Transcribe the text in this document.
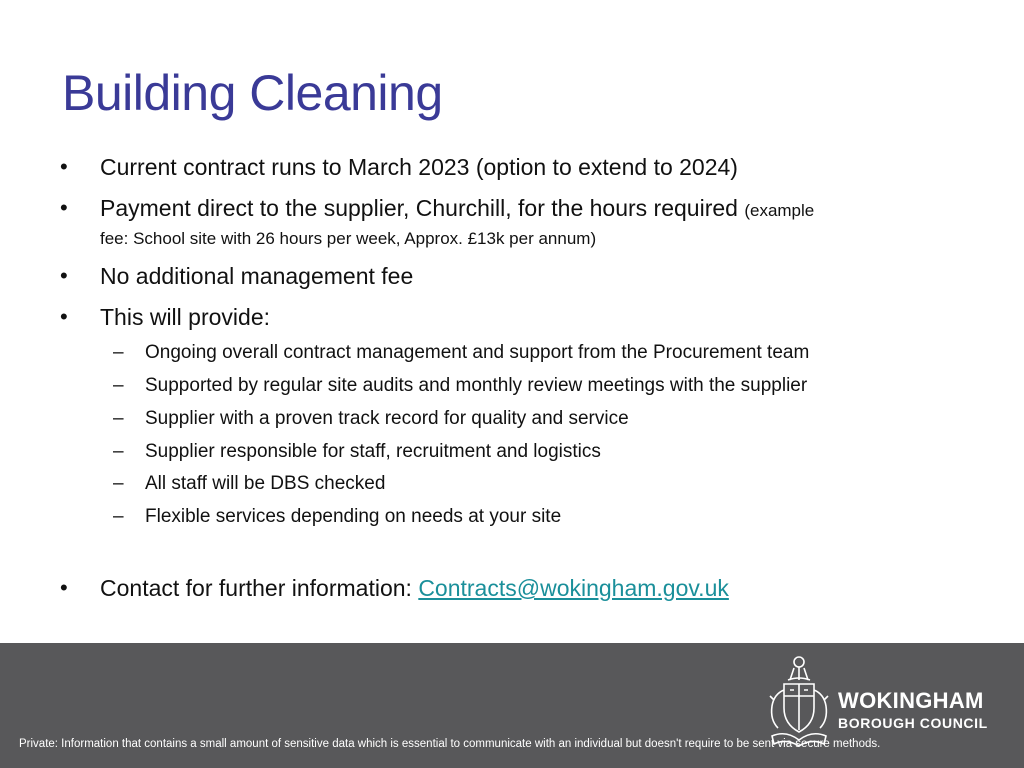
Building Cleaning
•	Current contract runs to March 2023 (option to extend to 2024)
•	Payment direct to the supplier, Churchill, for the hours required (example
fee: School site with 26 hours per week, Approx. £13k per annum)
•	No additional management fee
•	This will provide:
–	Ongoing overall contract management and support from the Procurement team
–	Supported by regular site audits and monthly review meetings with the supplier
–	Supplier with a proven track record for quality and service
–	Supplier responsible for staff, recruitment and logistics
–	All staff will be DBS checked
–	Flexible services depending on needs at your site
•	Contact for further information: Contracts@wokingham.gov.uk
WOKINGHAM
BOROUGH COUNCIL
Private: Information that contains a small amount of sensitive data which is essential to communicate with an individual but doesn't require to be sent via secure methods.
